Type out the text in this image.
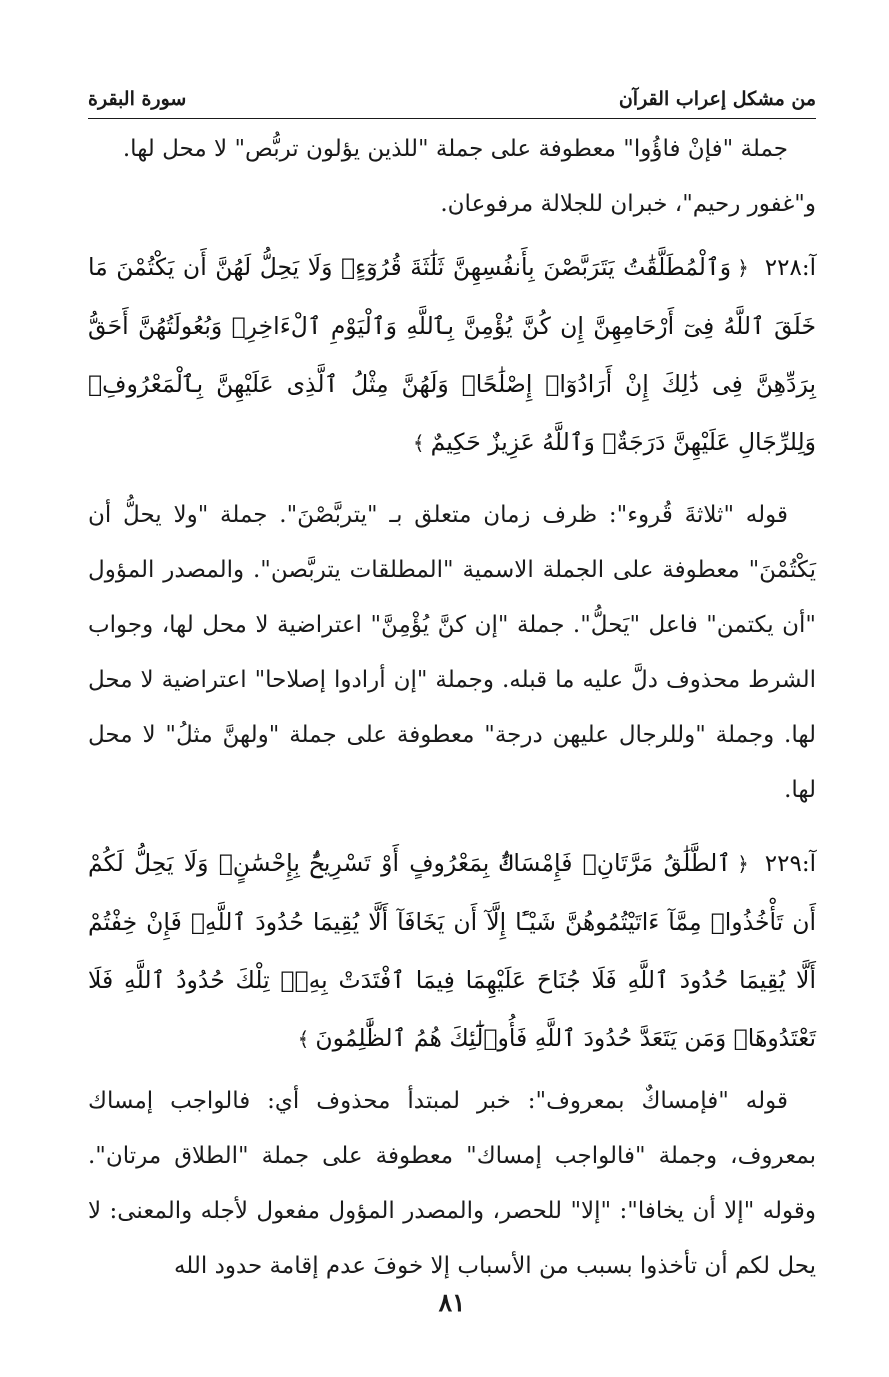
من مشكل إعراب القرآن
سورة البقرة

جملة "فإنْ فاؤُوا" معطوفة على جملة "للذين يؤلون تربُّص" لا محل لها.

و"غفور رحيم"، خبران للجلالة مرفوعان.

آ:٢٢٨﴿وَٱلْمُطَلَّقَٰتُ يَتَرَبَّصْنَ بِأَنفُسِهِنَّ ثَلَٰثَةَ قُرُوٓءٍۚ وَلَا يَحِلُّ لَهُنَّ أَن يَكْتُمْنَ مَا خَلَقَ ٱللَّهُ فِىٓ أَرْحَامِهِنَّ إِن كُنَّ يُؤْمِنَّ بِٱللَّهِ وَٱلْيَوْمِ ٱلْءَاخِرِۚ وَبُعُولَتُهُنَّ أَحَقُّ بِرَدِّهِنَّ فِى ذَٰلِكَ إِنْ أَرَادُوٓا۟ إِصْلَٰحًاۚ وَلَهُنَّ مِثْلُ ٱلَّذِى عَلَيْهِنَّ بِٱلْمَعْرُوفِۚ وَلِلرِّجَالِ عَلَيْهِنَّ دَرَجَةٌۗ وَٱللَّهُ عَزِيزٌ حَكِيمٌ﴾

قوله "ثلاثةَ قُروء": ظرف زمان متعلق بـ "يتربَّصْنَ". جملة "ولا يحلُّ أن يَكْتُمْنَ" معطوفة على الجملة الاسمية "المطلقات يتربَّصن". والمصدر المؤول "أن يكتمن" فاعل "يَحلُّ". جملة "إن كنَّ يُؤْمِنَّ" اعتراضية لا محل لها، وجواب الشرط محذوف دلَّ عليه ما قبله. وجملة "إن أرادوا إصلاحا" اعتراضية لا محل لها. وجملة "وللرجال عليهن درجة" معطوفة على جملة "ولهنَّ مثلُ" لا محل لها.

آ:٢٢٩﴿ٱلطَّلَٰقُ مَرَّتَانِۖ فَإِمْسَاكٌۢ بِمَعْرُوفٍ أَوْ تَسْرِيحٌۢ بِإِحْسَٰنٍۗ وَلَا يَحِلُّ لَكُمْ أَن تَأْخُذُوا۟ مِمَّآ ءَاتَيْتُمُوهُنَّ شَيْـًٔا إِلَّآ أَن يَخَافَآ أَلَّا يُقِيمَا حُدُودَ ٱللَّهِۖ فَإِنْ خِفْتُمْ أَلَّا يُقِيمَا حُدُودَ ٱللَّهِ فَلَا جُنَاحَ عَلَيْهِمَا فِيمَا ٱفْتَدَتْ بِهِۦۗ تِلْكَ حُدُودُ ٱللَّهِ فَلَا تَعْتَدُوهَاۚ وَمَن يَتَعَدَّ حُدُودَ ٱللَّهِ فَأُو۟لَٰٓئِكَ هُمُ ٱلظَّٰلِمُونَ﴾

قوله "فإمساكٌ بمعروف": خبر لمبتدأ محذوف أي: فالواجب إمساك بمعروف، وجملة "فالواجب إمساك" معطوفة على جملة "الطلاق مرتان". وقوله "إلا أن يخافا": "إلا" للحصر، والمصدر المؤول مفعول لأجله والمعنى: لا يحل لكم أن تأخذوا بسبب من الأسباب إلا خوفَ عدم إقامة حدود الله

٨١
